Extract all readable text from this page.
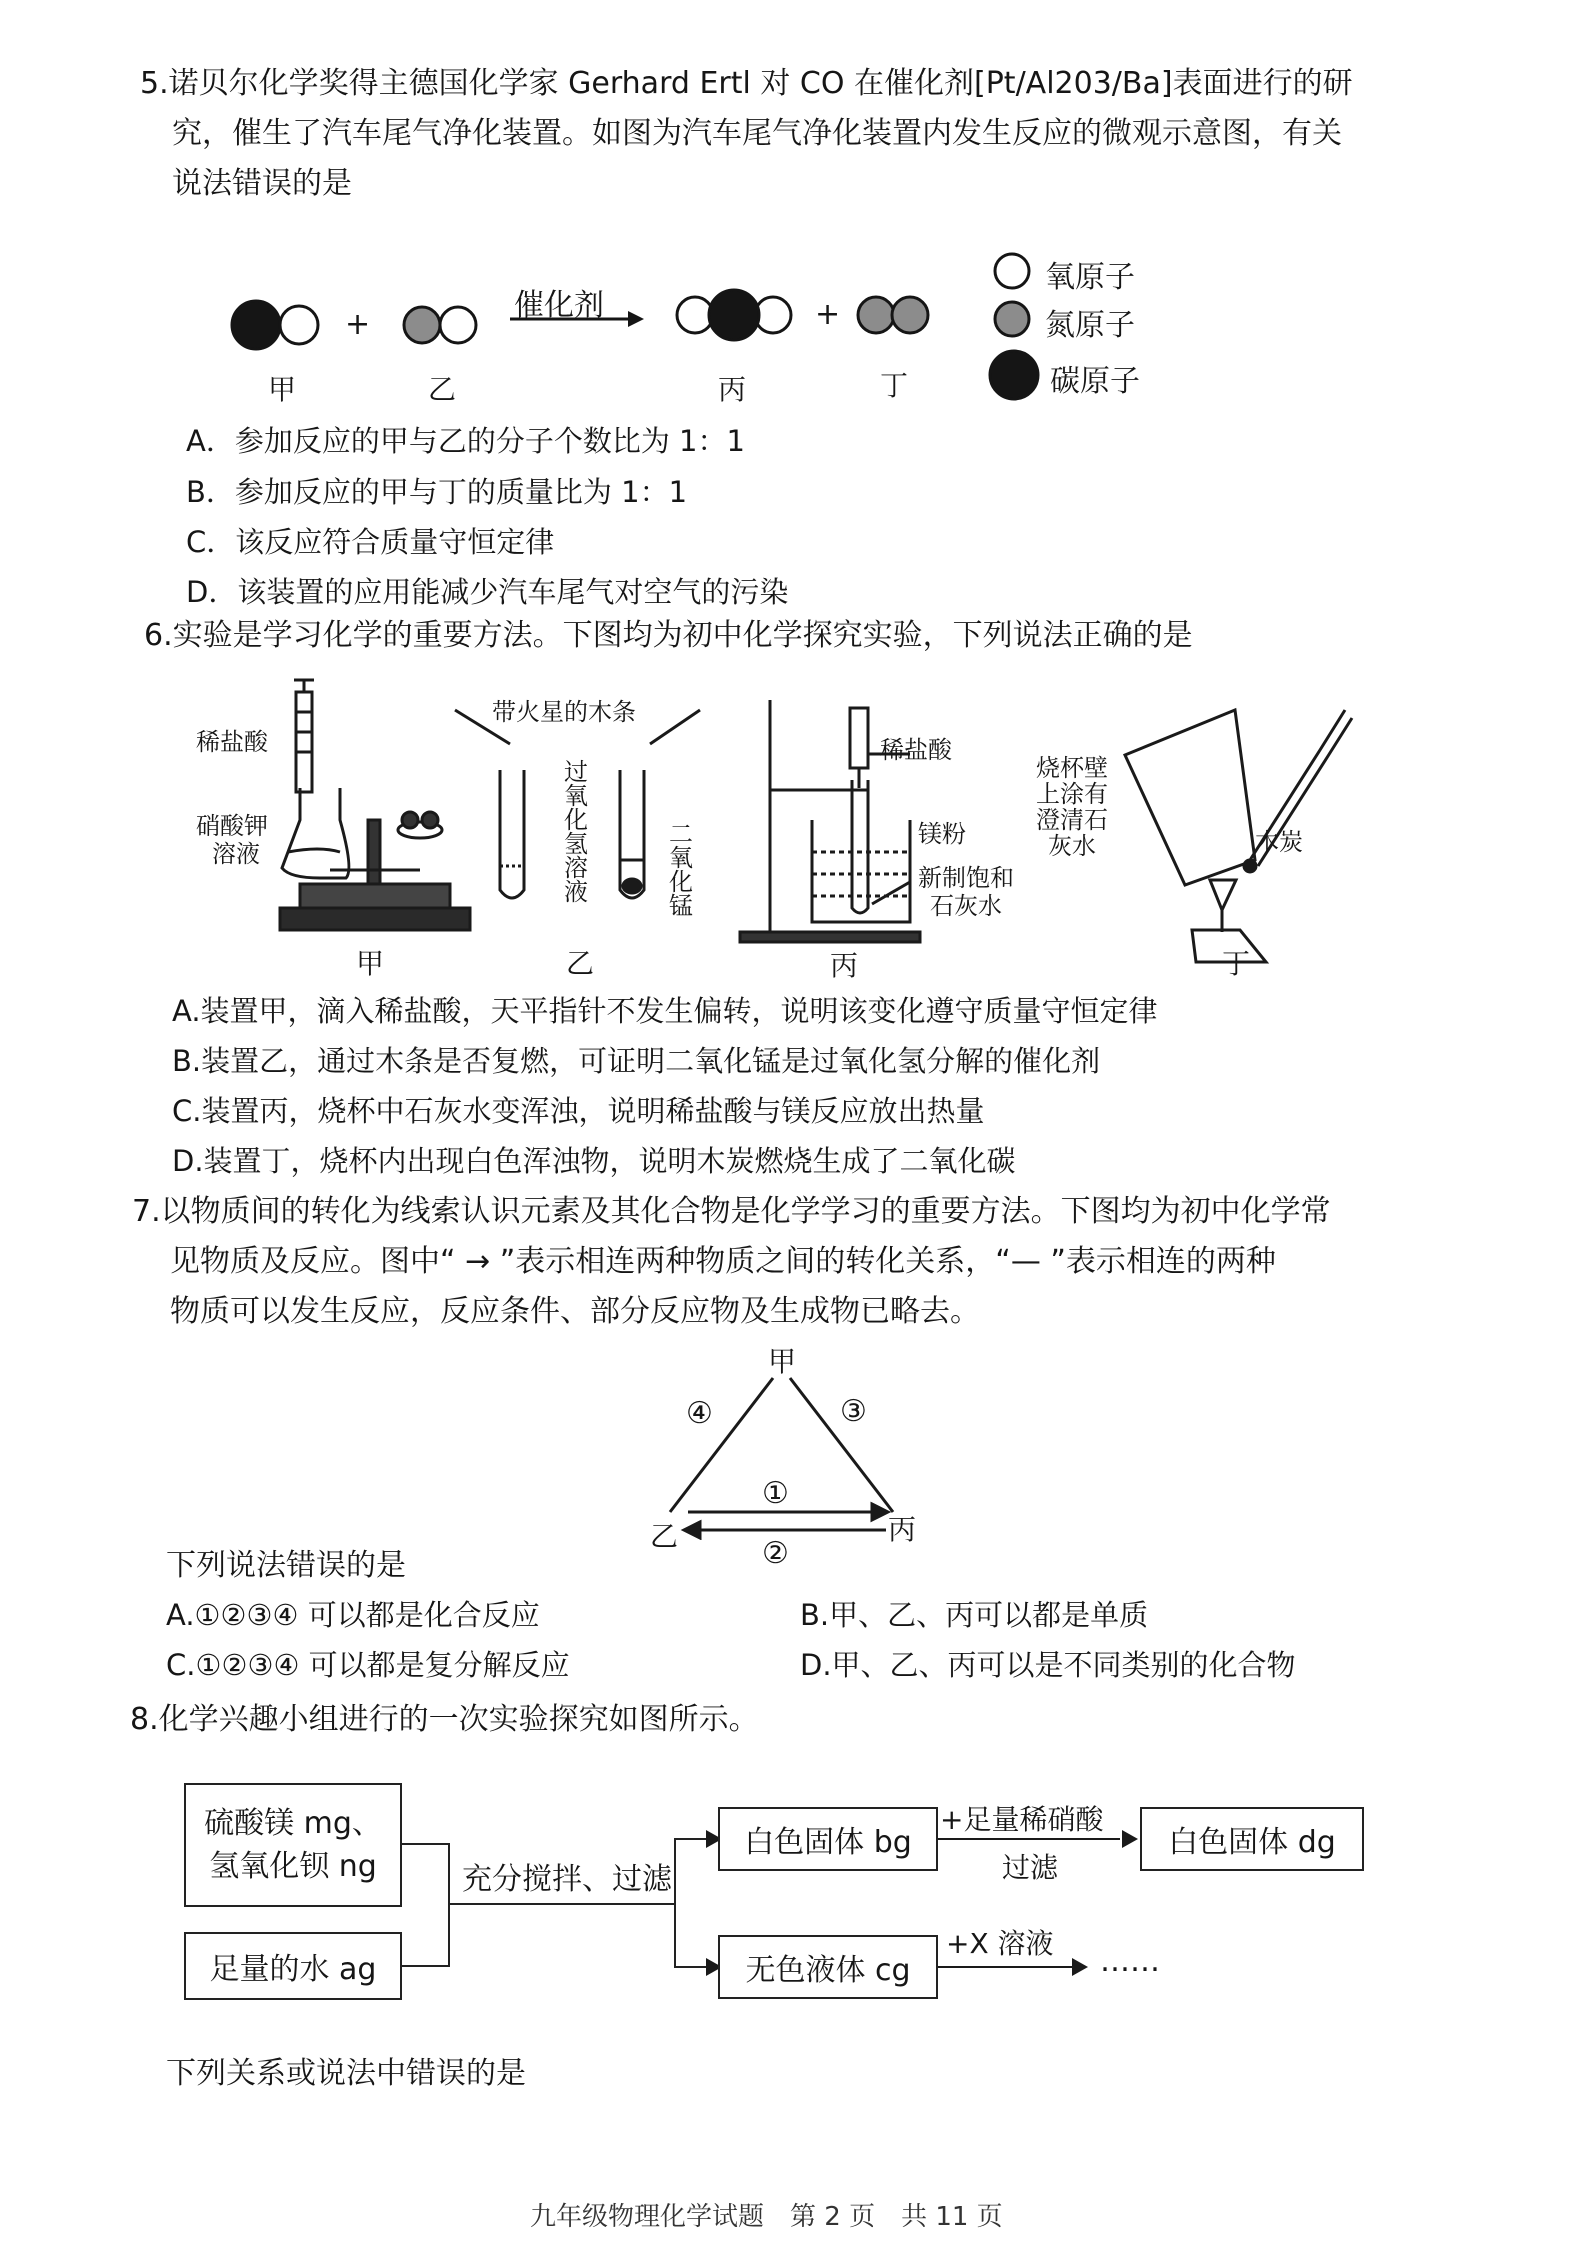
5.诺贝尔化学奖得主德国化学家 Gerhard Ertl 对 CO 在催化剂[Pt/Al203/Ba]表面进行的研
究，催生了汽车尾气净化装置。如图为汽车尾气净化装置内发生反应的微观示意图，有关
说法错误的是
+	+
催化剂
甲	乙	丙	丁
氧原子
氮原子
碳原子
A．参加反应的甲与乙的分子个数比为 1：1
B．参加反应的甲与丁的质量比为 1：1
C．该反应符合质量守恒定律
D．该装置的应用能减少汽车尾气对空气的污染
6.实验是学习化学的重要方法。下图均为初中化学探究实验，下列说法正确的是
稀盐酸
硝酸钾
溶液
甲
带火星的木条
过氧化氢溶液
二氧化锰
乙
稀盐酸
镁粉
新制饱和
石灰水
丙
烧杯壁
上涂有
澄清石
灰水	木炭
丁
A.装置甲，滴入稀盐酸，天平指针不发生偏转，说明该变化遵守质量守恒定律
B.装置乙，通过木条是否复燃，可证明二氧化锰是过氧化氢分解的催化剂
C.装置丙，烧杯中石灰水变浑浊，说明稀盐酸与镁反应放出热量
D.装置丁，烧杯内出现白色浑浊物，说明木炭燃烧生成了二氧化碳
7.以物质间的转化为线索认识元素及其化合物是化学学习的重要方法。下图均为初中化学常
见物质及反应。图中“ → ”表示相连两种物质之间的转化关系，“— ”表示相连的两种
物质可以发生反应，反应条件、部分反应物及生成物已略去。
甲
乙	丙
④	③
①
②
下列说法错误的是
A.①②③④ 可以都是化合反应	B.甲、乙、丙可以都是单质
C.①②③④ 可以都是复分解反应	D.甲、乙、丙可以是不同类别的化合物
8.化学兴趣小组进行的一次实验探究如图所示。
硫酸镁 mg、
氢氧化钡 ng
足量的水 ag
充分搅拌、过滤
白色固体 bg
+足量稀硝酸
过滤
白色固体 dg
无色液体 cg
+X 溶液
……
下列关系或说法中错误的是
九年级物理化学试题　第 2 页　共 11 页
